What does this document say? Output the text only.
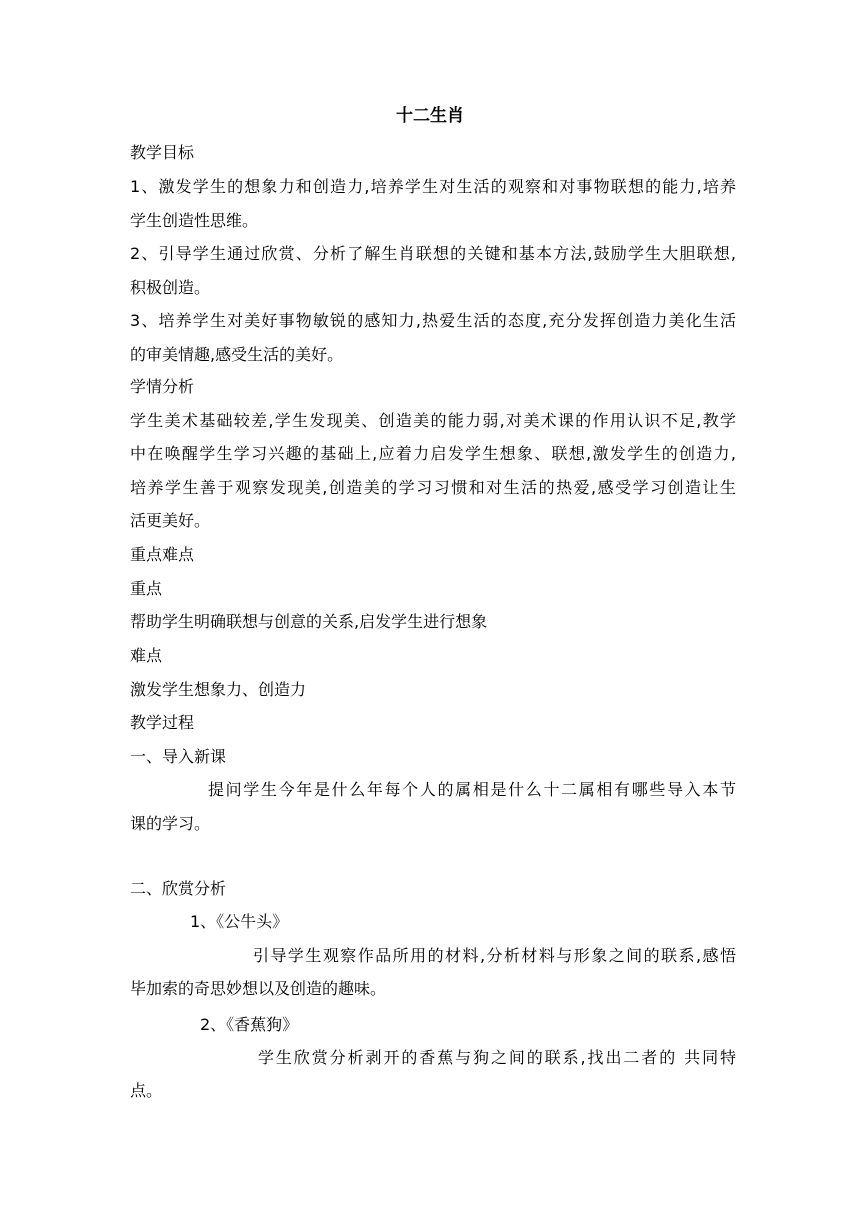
十二生肖
教学目标
1、激发学生的想象力和创造力,培养学生对生活的观察和对事物联想的能力,培养
学生创造性思维。
2、引导学生通过欣赏、分析了解生肖联想的关键和基本方法,鼓励学生大胆联想,
积极创造。
3、培养学生对美好事物敏锐的感知力,热爱生活的态度,充分发挥创造力美化生活
的审美情趣,感受生活的美好。
学情分析
学生美术基础较差,学生发现美、创造美的能力弱,对美术课的作用认识不足,教学
中在唤醒学生学习兴趣的基础上,应着力启发学生想象、联想,激发学生的创造力,
培养学生善于观察发现美,创造美的学习习惯和对生活的热爱,感受学习创造让生
活更美好。
重点难点
重点
帮助学生明确联想与创意的关系,启发学生进行想象
难点
激发学生想象力、创造力
教学过程
一、导入新课
提问学生今年是什么年每个人的属相是什么十二属相有哪些导入本节
课的学习。
二、欣赏分析
1、《公牛头》
引导学生观察作品所用的材料,分析材料与形象之间的联系,感悟
毕加索的奇思妙想以及创造的趣味。
2、《香蕉狗》
学生欣赏分析剥开的香蕉与狗之间的联系,找出二者的 共同特
点。
